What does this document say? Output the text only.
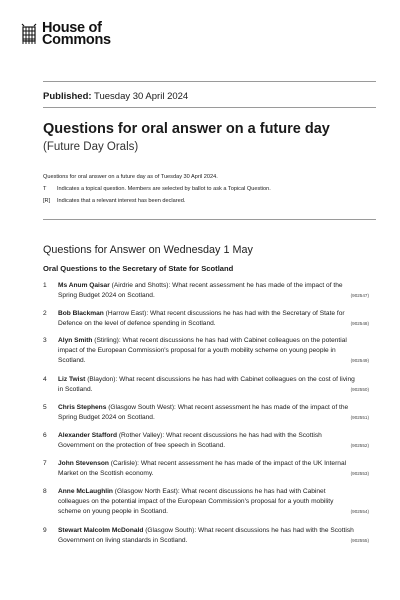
House of
Commons
Published: Tuesday 30 April 2024
Questions for oral answer on a future day
(Future Day Orals)
Questions for oral answer on a future day as of Tuesday 30 April 2024.
T	Indicates a topical question. Members are selected by ballot to ask a Topical Question.
[R]	Indicates that a relevant interest has been declared.
Questions for Answer on Wednesday 1 May
Oral Questions to the Secretary of State for Scotland
1	Ms Anum Qaisar (Airdrie and Shotts): What recent assessment he has made of the impact of the Spring Budget 2024 on Scotland.	(902547)
2	Bob Blackman (Harrow East): What recent discussions he has had with the Secretary of State for Defence on the level of defence spending in Scotland.	(902548)
3	Alyn Smith (Stirling): What recent discussions he has had with Cabinet colleagues on the potential impact of the European Commission's proposal for a youth mobility scheme on young people in Scotland.	(902549)
4	Liz Twist (Blaydon): What recent discussions he has had with Cabinet colleagues on the cost of living in Scotland.	(902550)
5	Chris Stephens (Glasgow South West): What recent assessment he has made of the impact of the Spring Budget 2024 on Scotland.	(902551)
6	Alexander Stafford (Rother Valley): What recent discussions he has had with the Scottish Government on the protection of free speech in Scotland.	(902552)
7	John Stevenson (Carlisle): What recent assessment he has made of the impact of the UK Internal Market on the Scottish economy.	(902553)
8	Anne McLaughlin (Glasgow North East): What recent discussions he has had with Cabinet colleagues on the potential impact of the European Commission's proposal for a youth mobility scheme on young people in Scotland.	(902554)
9	Stewart Malcolm McDonald (Glasgow South): What recent discussions he has had with the Scottish Government on living standards in Scotland.	(902555)
